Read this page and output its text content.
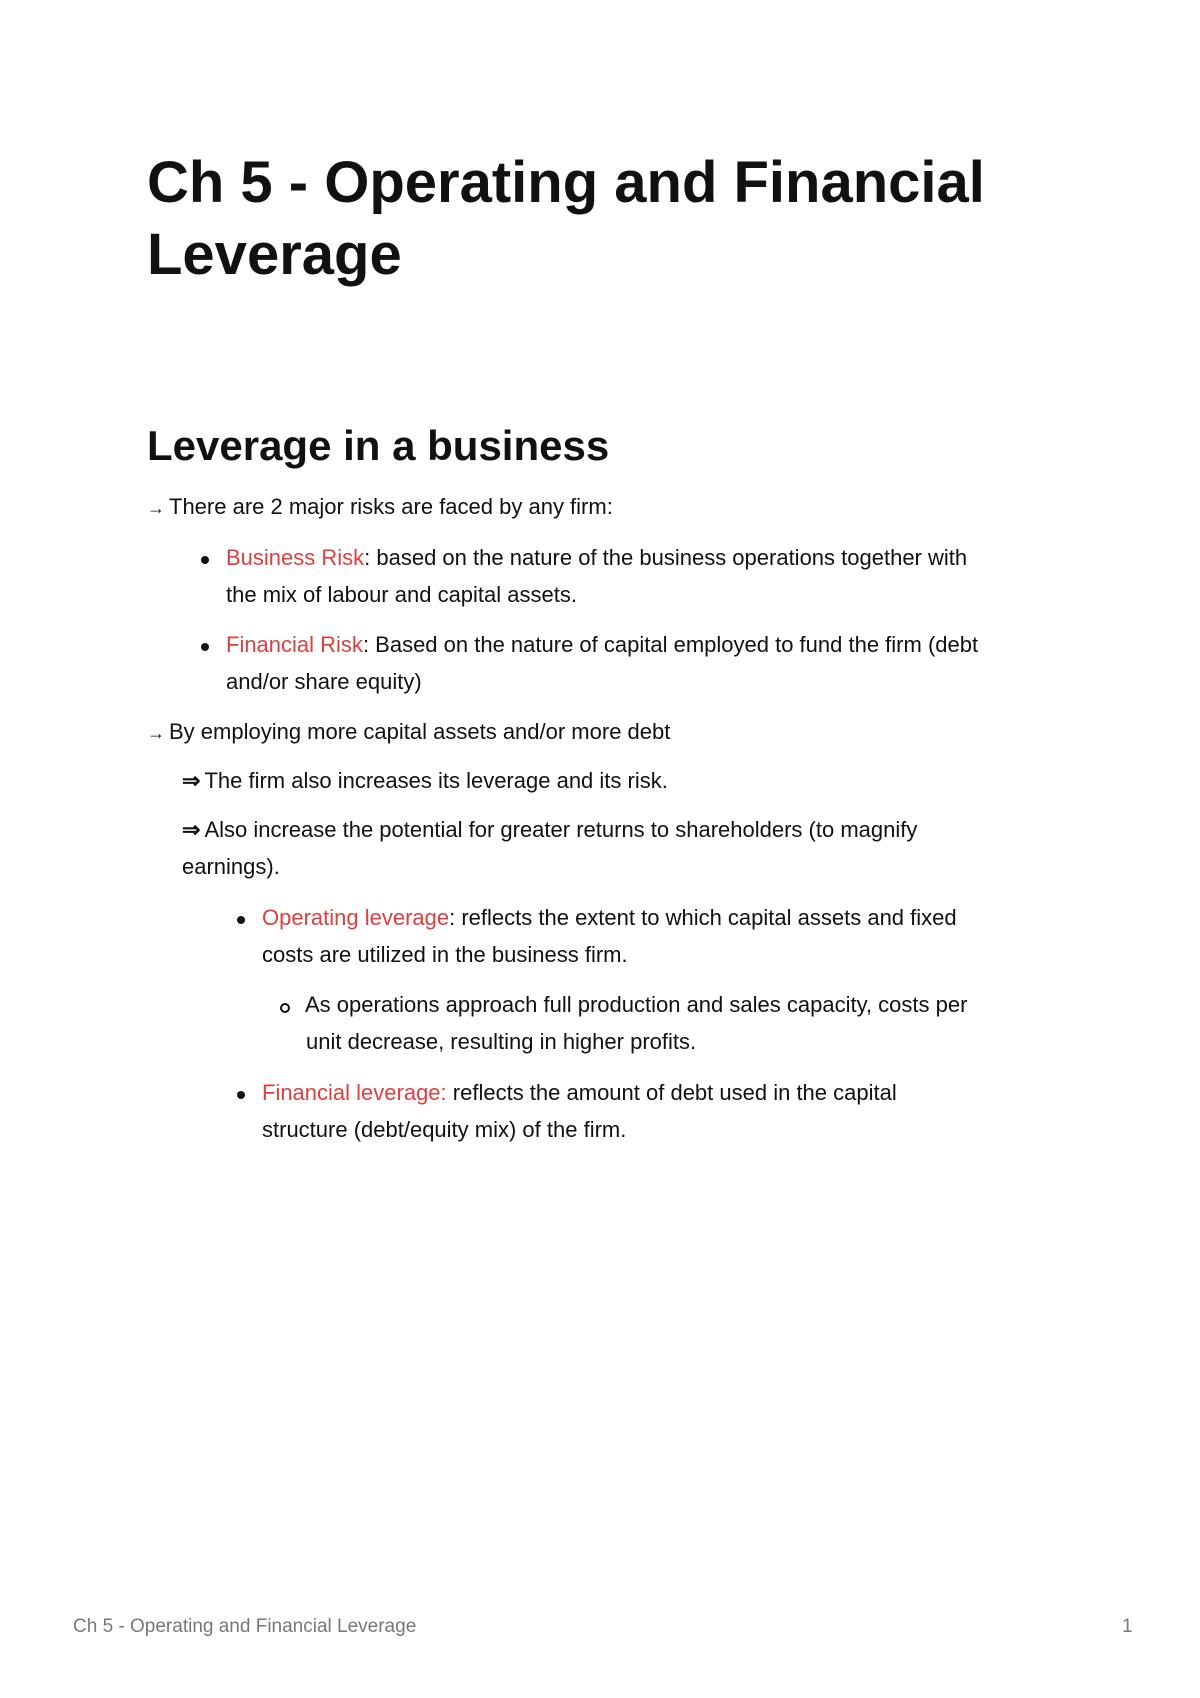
Ch 5 - Operating and Financial Leverage
Leverage in a business
→ There are 2 major risks are faced by any firm:
Business Risk: based on the nature of the business operations together with
the mix of labour and capital assets.
Financial Risk: Based on the nature of capital employed to fund the firm (debt
and/or share equity)
→ By employing more capital assets and/or more debt
⇒ The firm also increases its leverage and its risk.
⇒ Also increase the potential for greater returns to shareholders (to magnify
earnings).
Operating leverage: reflects the extent to which capital assets and fixed
costs are utilized in the business firm.
As operations approach full production and sales capacity, costs per
unit decrease, resulting in higher profits.
Financial leverage: reflects the amount of debt used in the capital
structure (debt/equity mix) of the firm.
Ch 5 - Operating and Financial Leverage	1
